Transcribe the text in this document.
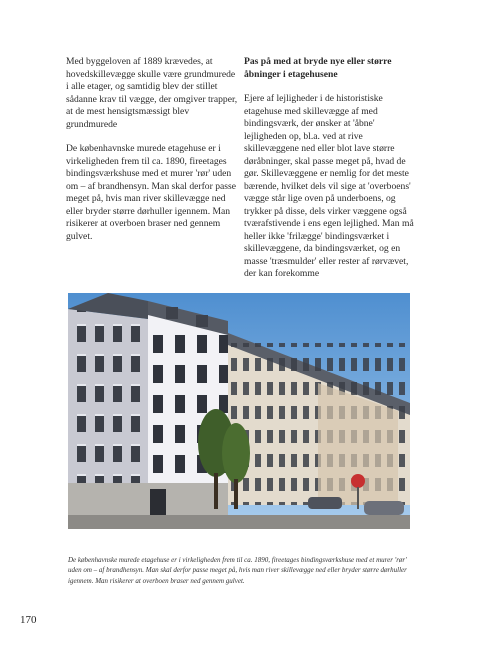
Med byggeloven af 1889 krævedes, at hovedskillevægge skulle være grundmurede i alle etager, og samtidig blev der stillet sådanne krav til vægge, der omgiver trapper, at de mest hensigtsmæssigt blev grundmurede

De københavnske murede etagehuse er i virkeligheden frem til ca. 1890, fireetages bindingsværkshuse med et murer 'rør' uden om – af brandhensyn. Man skal derfor passe meget på, hvis man river skillevægge ned eller bryder større dørhuller igennem. Man risikerer at overboen braser ned gennem gulvet.

Pas på med at bryde nye eller større åbninger i etagehusene

Ejere af lejligheder i de historistiske etagehuse med skillevægge af med bindingsværk, der ønsker at 'åbne' lejligheden op, bl.a. ved at rive skillevæggene ned eller blot lave større døråbninger, skal passe meget på, hvad de gør. Skillevæggene er nemlig for det meste bærende, hvilket dels vil sige at 'overboens' vægge står lige oven på underboens, og trykker på disse, dels virker væggene også tværafstivende i ens egen lejlighed. Man må heller ikke 'frilægge' bindingsværket i skillevæggene, da bindingsværket, og en masse 'træsmulder' eller rester af rørvævet, der kan forekomme

De københavnske murede etagehuse er i virkeligheden frem til ca. 1890, fireetages bindingsværkshuse med et murer 'rør' uden om – af brandhensyn. Man skal derfor passe meget på, hvis man river skillevægge ned eller bryder større dørhuller igennem. Man risikerer at overboen braser ned gennem gulvet.

170
